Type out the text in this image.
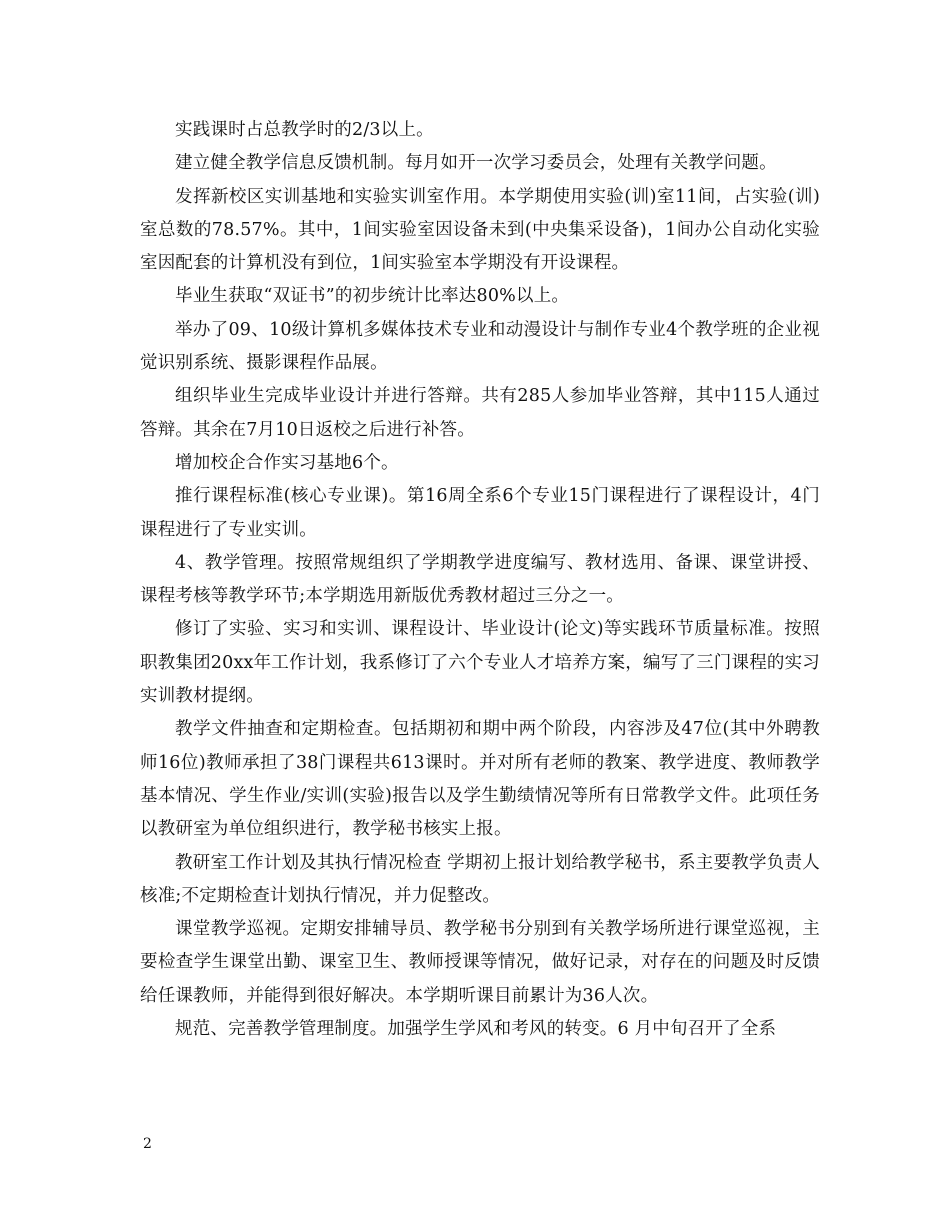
实践课时占总教学时的2/3以上。

建立健全教学信息反馈机制。每月如开一次学习委员会，处理有关教学问题。

发挥新校区实训基地和实验实训室作用。本学期使用实验(训)室11间，占实验(训)室总数的78.57%。其中，1间实验室因设备未到(中央集采设备)，1间办公自动化实验室因配套的计算机没有到位，1间实验室本学期没有开设课程。

毕业生获取“双证书”的初步统计比率达80%以上。

举办了09、10级计算机多媒体技术专业和动漫设计与制作专业4个教学班的企业视觉识别系统、摄影课程作品展。

组织毕业生完成毕业设计并进行答辩。共有285人参加毕业答辩，其中115人通过答辩。其余在7月10日返校之后进行补答。

增加校企合作实习基地6个。

推行课程标准(核心专业课)。第16周全系6个专业15门课程进行了课程设计，4门课程进行了专业实训。

4、教学管理。按照常规组织了学期教学进度编写、教材选用、备课、课堂讲授、课程考核等教学环节;本学期选用新版优秀教材超过三分之一。

修订了实验、实习和实训、课程设计、毕业设计(论文)等实践环节质量标准。按照职教集团20xx年工作计划，我系修订了六个专业人才培养方案，编写了三门课程的实习实训教材提纲。

教学文件抽查和定期检查。包括期初和期中两个阶段，内容涉及47位(其中外聘教师16位)教师承担了38门课程共613课时。并对所有老师的教案、教学进度、教师教学基本情况、学生作业/实训(实验)报告以及学生勤绩情况等所有日常教学文件。此项任务以教研室为单位组织进行，教学秘书核实上报。

教研室工作计划及其执行情况检查 学期初上报计划给教学秘书，系主要教学负责人核准;不定期检查计划执行情况，并力促整改。

课堂教学巡视。定期安排辅导员、教学秘书分别到有关教学场所进行课堂巡视，主要检查学生课堂出勤、课室卫生、教师授课等情况，做好记录，对存在的问题及时反馈给任课教师，并能得到很好解决。本学期听课目前累计为36人次。

规范、完善教学管理制度。加强学生学风和考风的转变。6 月中旬召开了全系

2
